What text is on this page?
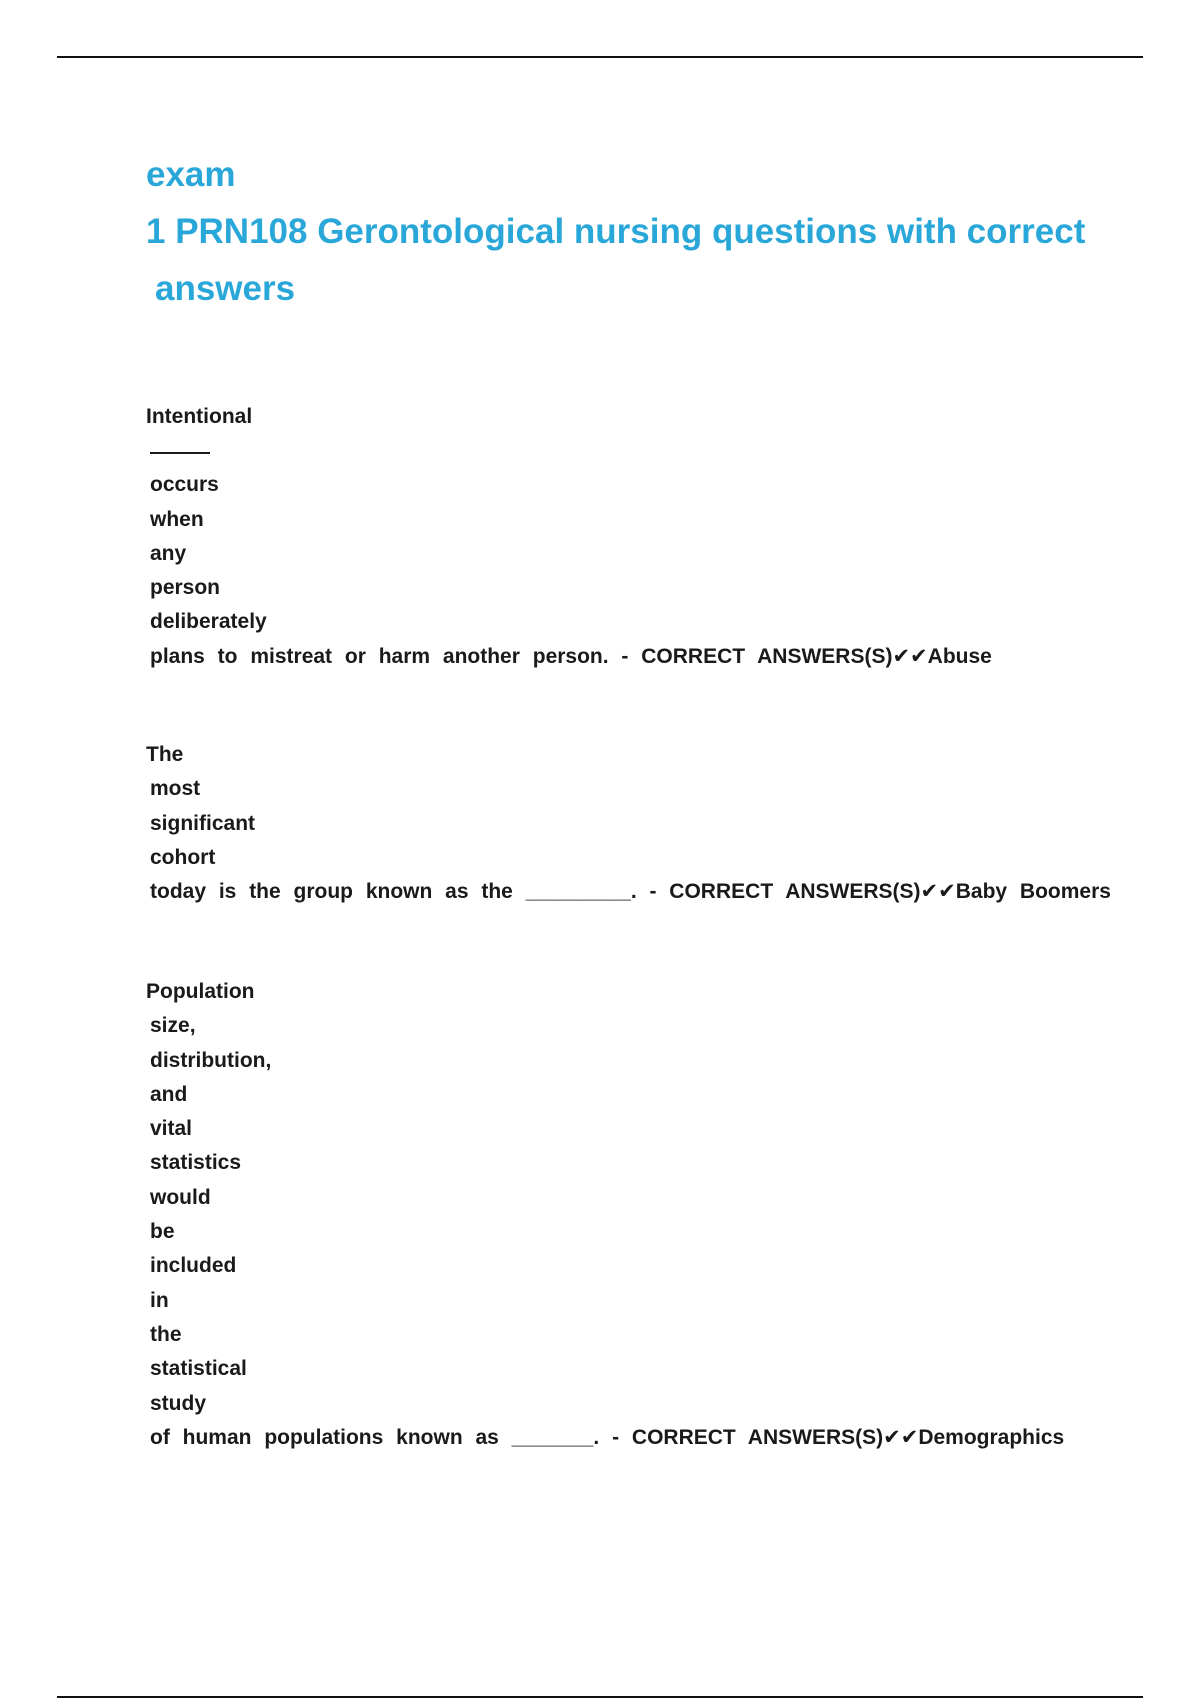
exam
1 PRN108 Gerontological nursing questions with correct
answers
Intentional
occurs
when
any
person
deliberately
plans to mistreat or harm another person. - CORRECT ANSWERS(S)✔✔Abuse
The
most
significant
cohort
today is the group known as the _________. - CORRECT ANSWERS(S)✔✔Baby Boomers
Population
size,
distribution,
and
vital
statistics
would
be
included
in
the
statistical
study
of human populations known as _______. - CORRECT ANSWERS(S)✔✔Demographics
